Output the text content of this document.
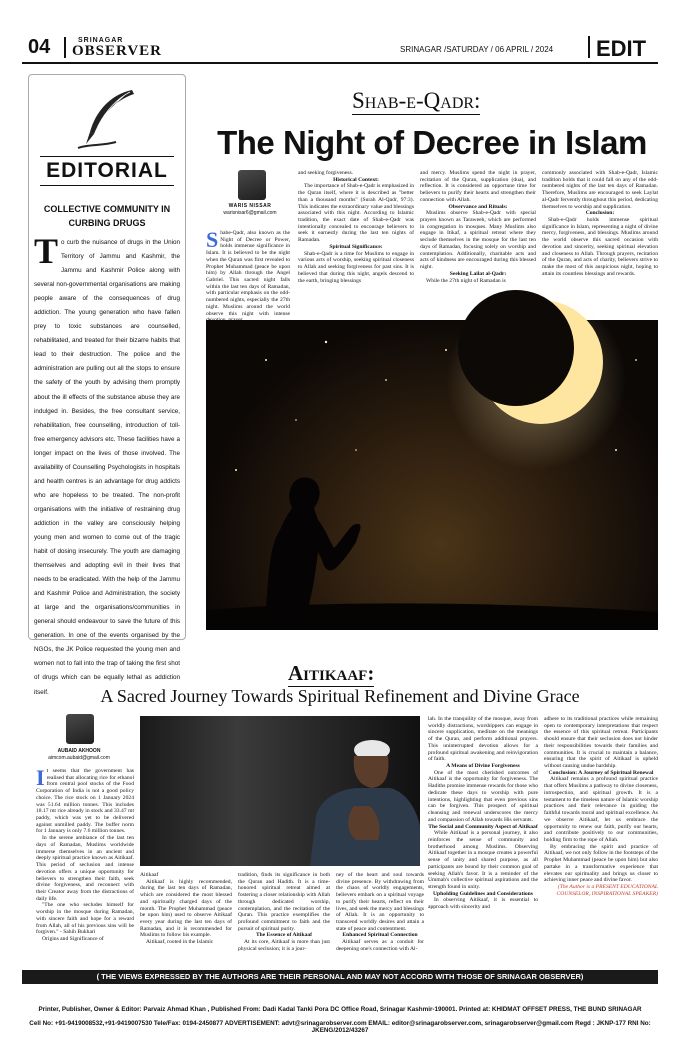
04	SRINAGAR
OBSERVER	SRINAGAR /SATURDAY / 06 APRIL / 2024 EDIT
EDITORIAL
COLLECTIVE COMMUNITY IN CURBING DRUGS
To curb the nuisance of drugs in the Union Territory of Jammu and Kashmir, the Jammu and Kashmir Police along with several non-governmental organisations are making people aware of the consequences of drug addiction. The young generation who have fallen prey to toxic substances are counselled, rehabilitated, and treated for their bizarre habits that lead to their destruction. The police and the administration are pulling out all the stops to ensure the safety of the youth by advising them promptly about the ill effects of the substance abuse they are indulged in. Besides, the free consultant service, rehabilitation, free counselling, introduction of toll-free emergency advisors etc. These facilities have a longer impact on the lives of those involved. The availability of Counselling Psychologists in hospitals and health centres is an advantage for drug addicts who are hopeless to be treated. The non-profit organisations with the initiative of restraining drug addiction in the valley are consciously helping young men and women to come out of the tragic habit of dosing insecurely. The youth are damaging themselves and adopting evil in their lives that needs to be eradicated. With the help of the Jammu and Kashmir Police and Administration, the society at large and the organisations/communities in general should endeavour to save the future of this generation. In one of the events organised by the NGOs, the JK Police requested the young men and women not to fall into the trap of taking the first shot of drugs which can be equally lethal as addiction itself.
Shab-e-Qadr:
The Night of Decree in Islam
WARIS NISSAR
warisnisar6@gmail.com

Shabe-Qadr, also known as the Night of Decree or Power, holds immense significance in Islam. It is believed to be the night when the Quran was first revealed to Prophet Muhammad (peace be upon him) by Allah through the Angel Gabriel. This sacred night falls within the last ten days of Ramadan, with particular emphasis on the odd-numbered nights, especially the 27th night. Muslims around the world observe this night with intense

and seeking forgiveness.

Historical Context:

The importance of Shab-e-Qadr is emphasized in the Quran itself, where it is described as "better than a thousand months" (Surah Al-Qadr, 97:3). This indicates the extraordinary value and blessings associated with this night. According to Islamic tradition, the exact date of Shab-e-Qadr was intentionally concealed to encourage believers to seek it earnestly during the last ten nights of Ramadan.

Spiritual Significance:

Shab-e-Qadr is a time for Muslims to engage in various acts of worship, seeking spiritual closeness to Allah and seeking forgiveness for past sins. It is believed that during this night, angels descend to the earth, bringing blessings

and mercy. Muslims spend the night in prayer, recitation of the Quran, supplication (dua), and reflection. It is considered an opportune time for believers to purify their hearts and strengthen their connection with Allah.

Observance and Rituals:

Muslims observe Shab-e-Qadr with special prayers known as Taraweeh, which are performed in congregation in mosques. Many Muslims also engage in Itikaf, a spiritual retreat where they seclude themselves in the mosque for the last ten days of Ramadan, focusing solely on worship and contemplation. Additionally, charitable acts and acts of kindness are encouraged during this blessed night.

Seeking Lailat al-Qadr:

While the 27th night of Ramadan is

commonly associated with Shab-e-Qadr, Islamic tradition holds that it could fall on any of the odd-numbered nights of the last ten days of Ramadan. Therefore, Muslims are encouraged to seek Laylat al-Qadr fervently throughout this period, dedicating themselves to worship and supplication.

Conclusion:

Shab-e-Qadr holds immense spiritual significance in Islam, representing a night of divine mercy, forgiveness, and blessings. Muslims around the world observe this sacred occasion with devotion and sincerity, seeking spiritual elevation and closeness to Allah. Through prayers, recitation of the Quran, and acts of charity, believers strive to make the most of this auspicious night, hoping to attain its countless blessings and rewards.

Aitikaaf:
A Sacred Journey Towards Spiritual Refinement and Divine Grace
AUBAID AKHOON
aimcom.aubaid@gmail.com

It seems that the government has realised that allocating rice for ethanol from central pool stocks of the Food Corporation of India is not a good policy choice. The rice stock on 1 January 2024 was 51.64 million tonnes. This includes 18.17 mt rice already in stock and 33.47 mt paddy, which was yet to be delivered against unmilled paddy. The buffer norm for 1 January is only 7.6 million tonnes.

In the serene ambiance of the last ten days of Ramadan, Muslims worldwide immerse themselves in an ancient and deeply spiritual practice known as Aitikaaf. This period of seclusion and intense devotion offers a unique opportunity for believers to strengthen their faith, seek divine forgiveness, and reconnect with their Creator away from the distractions of daily life.

"The one who secludes himself for worship in the mosque during Ramadan, with sincere faith and hope for a reward from Allah, all of his previous sins will be forgiven." - Sahih Bukhari

Origins and Significance of

Aitikaaf

Aitikaaf is highly recommended, during the last ten days of Ramadan, which are considered the most blessed and spiritually charged days of the month. The Prophet Muhammad (peace be upon him) used to observe Aitikaaf every year during the last ten days of Ramadan, and it is recommended for Muslims to follow his example.

Aitikaaf, rooted in the Islamic

tradition, finds its significance in both the Quran and Hadith. It is a time-honored spiritual retreat aimed at fostering a closer relationship with Allah through dedicated worship, contemplation, and the recitation of the Quran. This practice exemplifies the profound commitment to faith and the pursuit of spiritual purity.

The Essence of Aitikaaf

At its core, Aitikaaf is more than just physical seclusion; it is a jour-

ney of the heart and soul towards divine presence. By withdrawing from the chaos of worldly engagements, believers embark on a spiritual voyage to purify their hearts, reflect on their lives, and seek the mercy and blessings of Allah. It is an opportunity to transcend worldly desires and attain a state of peace and contentment.

Enhanced Spiritual Connection

Aitikaaf serves as a conduit for deepening one's connection with Al-

lah. In the tranquility of the mosque, away from worldly distractions, worshippers can engage in sincere supplication, meditate on the meanings of the Quran, and perform additional prayers. This uninterrupted devotion allows for a profound spiritual awakening and reinvigoration of faith.

A Means of Divine Forgiveness

One of the most cherished outcomes of Aitikaaf is the opportunity for forgiveness. The Hadiths promise immense rewards for those who dedicate these days to worship with pure intentions, highlighting that even previous sins can be forgiven. This prospect of spiritual cleansing and renewal underscores the mercy and compassion of Allah towards His servants.

The Social and Community Aspect of Aitikaaf

While Aitikaaf is a personal journey, it also reinforces the sense of community and brotherhood among Muslims. Observing Aitikaaf together in a mosque creates a powerful sense of unity and shared purpose, as all participants are bound by their common goal of seeking Allah's favor. It is a reminder of the Ummah's collective spiritual aspirations and the strength found in unity.

Upholding Guidelines and Considerations

In observing Aitikaaf, it is essential to approach with sincerity and

adhere to its traditional practices while remaining open to contemporary interpretations that respect the essence of this spiritual retreat. Participants should ensure that their seclusion does not hinder their responsibilities towards their families and communities. It is crucial to maintain a balance, ensuring that the spirit of Aitikaaf is upheld without causing undue hardship.

Conclusion: A Journey of Spiritual Renewal

Aitikaaf remains a profound spiritual practice that offers Muslims a pathway to divine closeness, introspection, and spiritual growth. It is a testament to the timeless nature of Islamic worship practices and their relevance in guiding the faithful towards moral and spiritual excellence. As we observe Aitikaaf, let us embrace the opportunity to renew our faith, purify our hearts, and contribute positively to our communities, holding firm to the rope of Allah.

By embracing the spirit and practice of Aitikaaf, we not only follow in the footsteps of the Prophet Muhammad (peace be upon him) but also partake in a transformative experience that elevates our spirituality and brings us closer to achieving inner peace and divine favor.

(The Author is a PRESENT EDUCATIONAL COUNSELOR, INSPIRATIONAL SPEAKER)

( THE VIEWS EXPRESSED BY THE AUTHORS ARE THEIR PERSONAL AND MAY NOT ACCORD WITH THOSE OF SRINAGAR OBSERVER)
Printer, Publisher, Owner & Editor: Parvaiz Ahmad Khan , Published From: Dadi Kadal Tanki Pora DC Office Road, Srinagar Kashmir-190001. Printed at: KHIDMAT OFFSET PRESS, THE BUND SRINAGAR
Cell No: +91-9419008532,+91-9419007530 Tele/Fax: 0194-2450877 ADVERTISEMENT: advt@srinagarobserver.com EMAIL: editor@srinagarobserver.com, srinagarobserver@gmail.com Regd : JKNP-177 RNI No: JKENG/2012/43267
